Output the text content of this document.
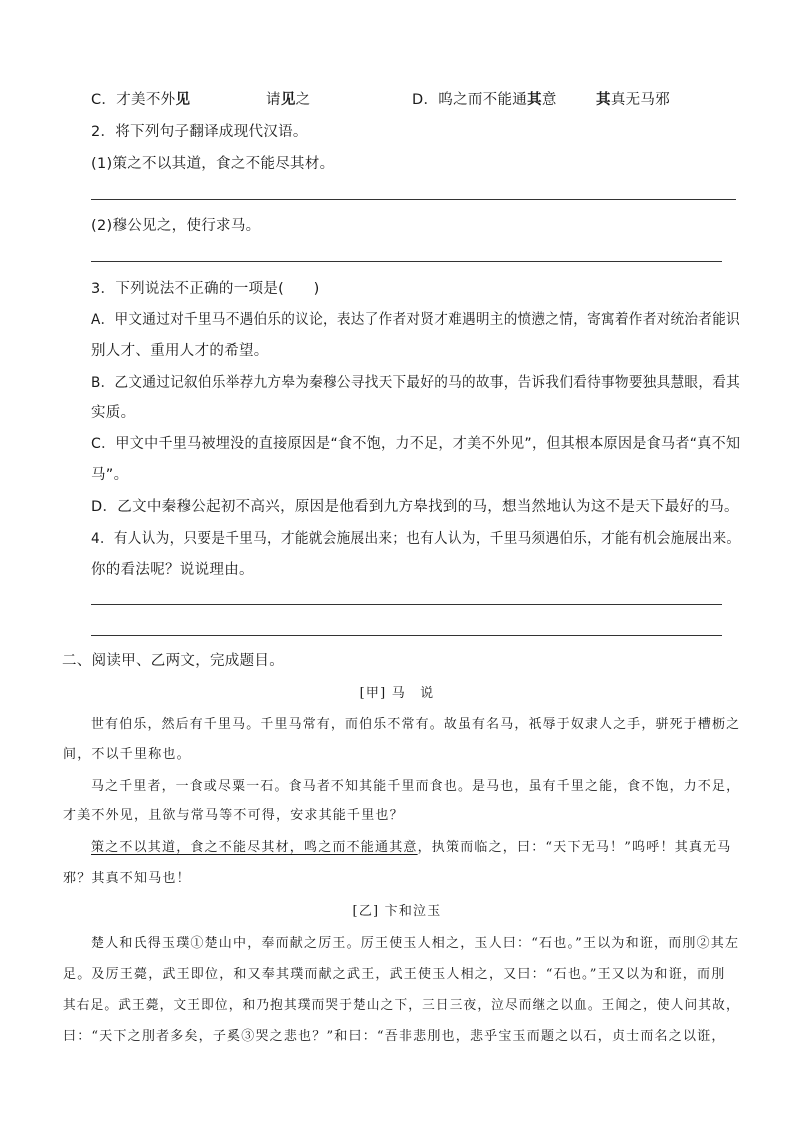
C．才美不外见	请见之	D．呜之而不能通其意	其真无马邪
2．将下列句子翻译成现代汉语。
(1)策之不以其道，食之不能尽其材。
(2)穆公见之，使行求马。
3．下列说法不正确的一项是(　　)
A．甲文通过对千里马不遇伯乐的议论，表达了作者对贤才难遇明主的愤懑之情，寄寓着作者对统治者能识
别人才、重用人才的希望。
B．乙文通过记叙伯乐举荐九方皋为秦穆公寻找天下最好的马的故事，告诉我们看待事物要独具慧眼，看其
实质。
C．甲文中千里马被埋没的直接原因是“食不饱，力不足，才美不外见”，但其根本原因是食马者“真不知
马”。
D．乙文中秦穆公起初不高兴，原因是他看到九方皋找到的马，想当然地认为这不是天下最好的马。
4．有人认为，只要是千里马，才能就会施展出来；也有人认为，千里马须遇伯乐，才能有机会施展出来。
你的看法呢？说说理由。
二、阅读甲、乙两文，完成题目。
[甲] 马　说
世有伯乐，然后有千里马。千里马常有，而伯乐不常有。故虽有名马，祇辱于奴隶人之手，骈死于槽枥之
间，不以千里称也。
马之千里者，一食或尽粟一石。食马者不知其能千里而食也。是马也，虽有千里之能，食不饱，力不足，
才美不外见，且欲与常马等不可得，安求其能千里也？
策之不以其道，食之不能尽其材，鸣之而不能通其意，执策而临之，曰：“天下无马！”呜呼！其真无马
邪？其真不知马也！
[乙] 卞和泣玉
楚人和氏得玉璞①楚山中，奉而献之厉王。厉王使玉人相之，玉人曰：“石也。”王以为和诳，而刖②其左
足。及厉王薨，武王即位，和又奉其璞而献之武王，武王使玉人相之，又曰：“石也。”王又以为和诳，而刖
其右足。武王薨，文王即位，和乃抱其璞而哭于楚山之下，三日三夜，泣尽而继之以血。王闻之，使人问其故，
曰：“天下之刖者多矣，子奚③哭之悲也？”和曰：“吾非悲刖也，悲乎宝玉而题之以石，贞士而名之以诳，
